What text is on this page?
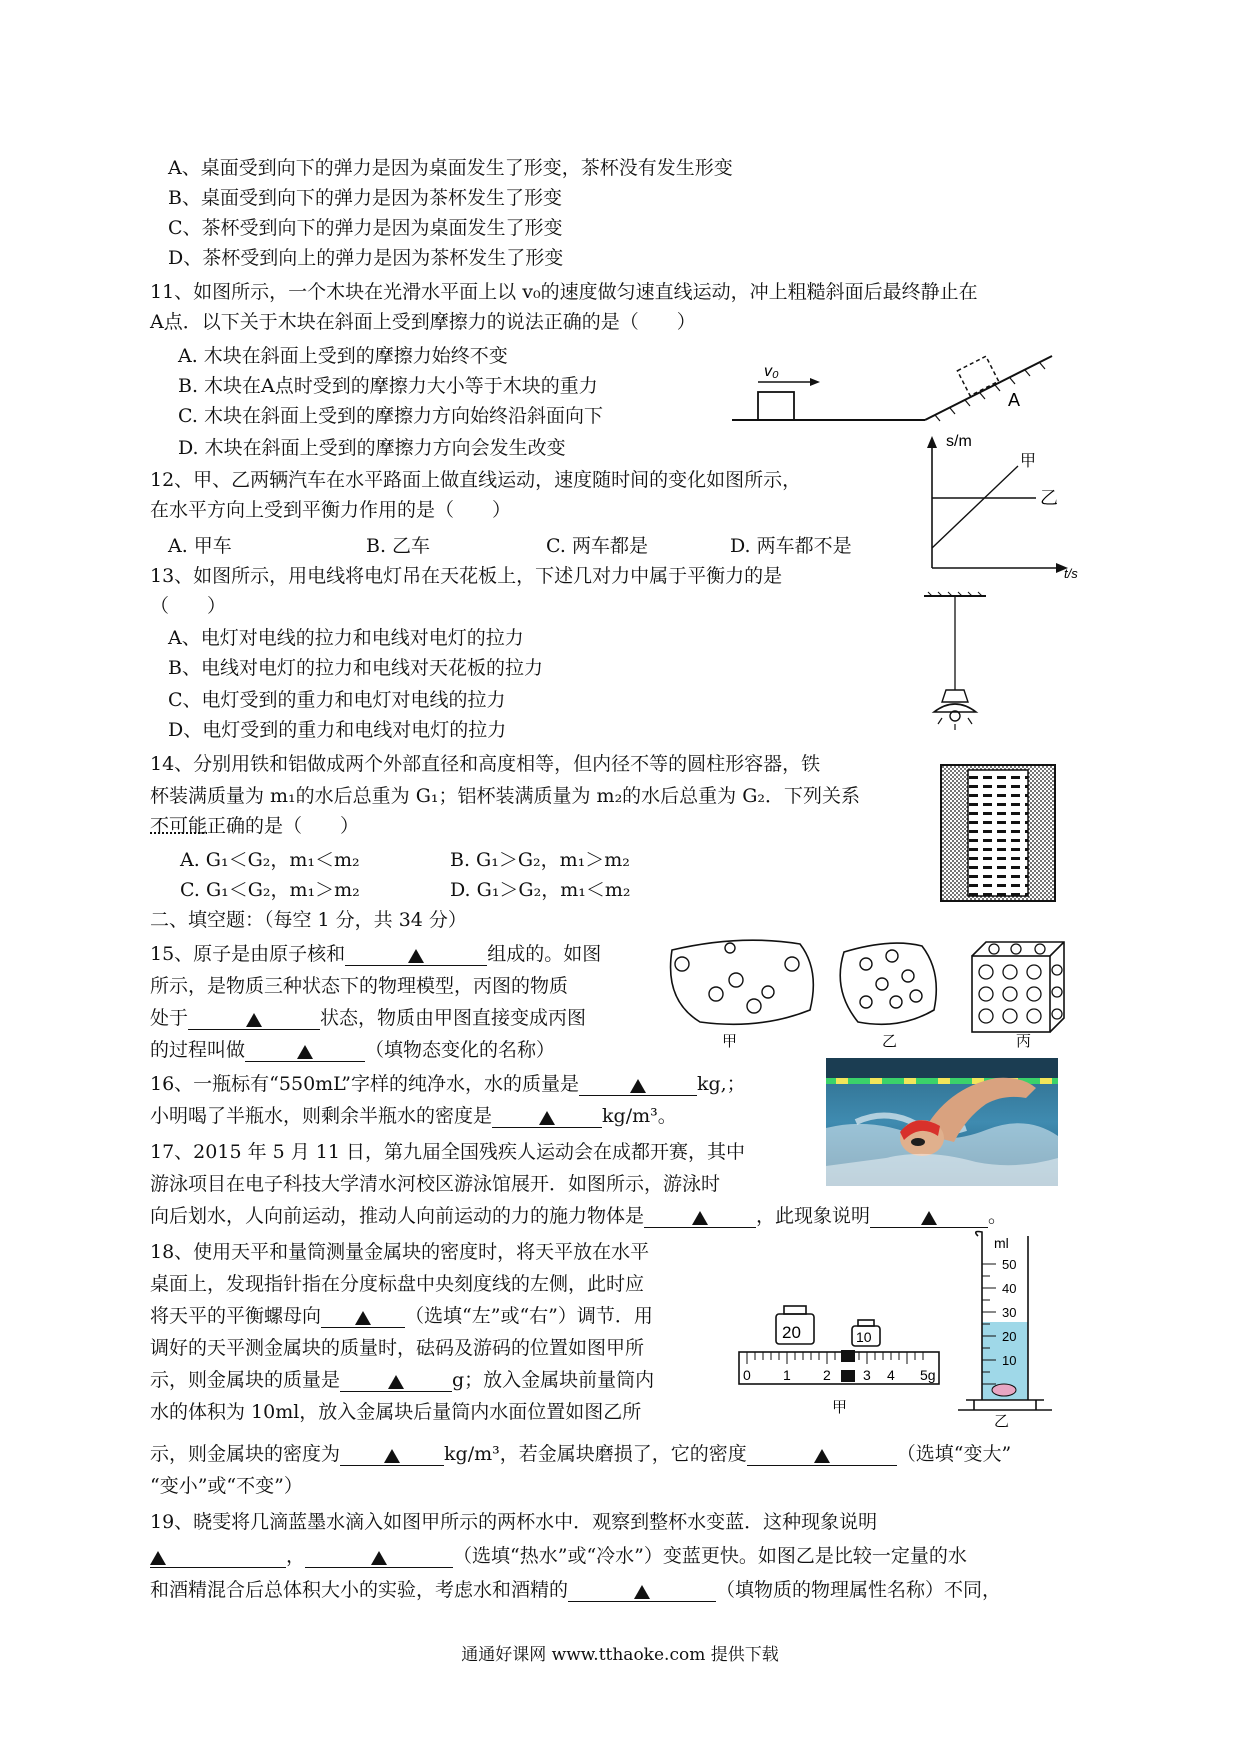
A、桌面受到向下的弹力是因为桌面发生了形变，茶杯没有发生形变
B、桌面受到向下的弹力是因为茶杯发生了形变
C、茶杯受到向下的弹力是因为桌面发生了形变
D、茶杯受到向上的弹力是因为茶杯发生了形变
11、如图所示，一个木块在光滑水平面上以 v₀的速度做匀速直线运动，冲上粗糙斜面后最终静止在
A点．以下关于木块在斜面上受到摩擦力的说法正确的是（　　）
A. 木块在斜面上受到的摩擦力始终不变
B. 木块在A点时受到的摩擦力大小等于木块的重力
C. 木块在斜面上受到的摩擦力方向始终沿斜面向下
D. 木块在斜面上受到的摩擦力方向会发生改变
v₀
A
12、甲、乙两辆汽车在水平路面上做直线运动，速度随时间的变化如图所示，
在水平方向上受到平衡力作用的是（　　）
A. 甲车	B. 乙车	C. 两车都是	D. 两车都不是
s/m
t/s
甲
乙
13、如图所示，用电线将电灯吊在天花板上，下述几对力中属于平衡力的是
（　　）
A、电灯对电线的拉力和电线对电灯的拉力
B、电线对电灯的拉力和电线对天花板的拉力
C、电灯受到的重力和电灯对电线的拉力
D、电灯受到的重力和电线对电灯的拉力
14、分别用铁和铝做成两个外部直径和高度相等，但内径不等的圆柱形容器，铁
杯装满质量为 m₁的水后总重为 G₁；铝杯装满质量为 m₂的水后总重为 G₂．下列关系
不可能正确的是（　　）
A. G₁＜G₂，m₁＜m₂	B. G₁＞G₂，m₁＞m₂
C. G₁＜G₂，m₁＞m₂	D. G₁＞G₂，m₁＜m₂
二、填空题：（每空 1 分，共 34 分）
15、原子是由原子核和	组成的。如图
所示，是物质三种状态下的物理模型，丙图的物质
处于	状态，物质由甲图直接变成丙图
的过程叫做	（填物态变化的名称）	甲	乙	丙
16、一瓶标有“550mL”字样的纯净水，水的质量是	kg,；
小明喝了半瓶水，则剩余半瓶水的密度是	kg/m³。
17、2015 年 5 月 11 日，第九届全国残疾人运动会在成都开赛，其中
游泳项目在电子科技大学清水河校区游泳馆展开．如图所示，游泳时
向后划水，人向前运动，推动人向前运动的力的施力物体是	，此现象说明	。
18、使用天平和量筒测量金属块的密度时，将天平放在水平
桌面上，发现指针指在分度标盘中央刻度线的左侧，此时应
将天平的平衡螺母向	（选填“左”或“右”）调节．用
调好的天平测金属块的质量时，砝码及游码的位置如图甲所
示，则金属块的质量是	g；放入金属块前量筒内
水的体积为 10ml，放入金属块后量筒内水面位置如图乙所
示，则金属块的密度为	kg/m³，若金属块磨损了，它的密度	（选填“变大”
“变小”或“不变”）
20	10
0 1 2 3 4 5g
甲
ml
50
40
30
20
10
乙
19、晓雯将几滴蓝墨水滴入如图甲所示的两杯水中．观察到整杯水变蓝．这种现象说明
，	（选填“热水”或“冷水”）变蓝更快。如图乙是比较一定量的水
和酒精混合后总体积大小的实验，考虑水和酒精的	（填物质的物理属性名称）不同，
通通好课网 www.tthaoke.com 提供下载
